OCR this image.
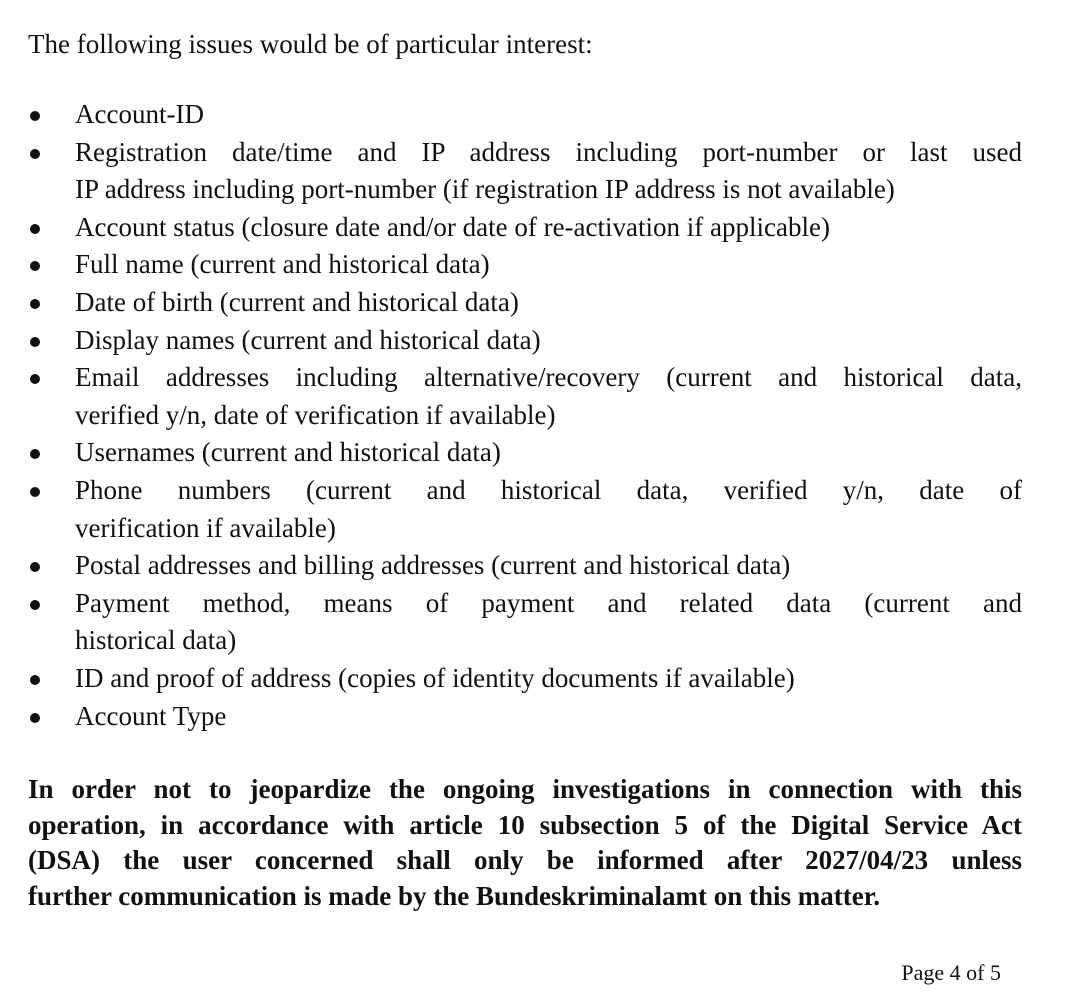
The following issues would be of particular interest:
Account-ID
Registration date/time and IP address including port-number or last used
IP address including port-number (if registration IP address is not available)
Account status (closure date and/or date of re-activation if applicable)
Full name (current and historical data)
Date of birth (current and historical data)
Display names (current and historical data)
Email addresses including alternative/recovery (current and historical data,
verified y/n, date of verification if available)
Usernames (current and historical data)
Phone numbers (current and historical data, verified y/n, date of
verification if available)
Postal addresses and billing addresses (current and historical data)
Payment method, means of payment and related data (current and
historical data)
ID and proof of address (copies of identity documents if available)
Account Type
In order not to jeopardize the ongoing investigations in connection with this
operation, in accordance with article 10 subsection 5 of the Digital Service Act
(DSA) the user concerned shall only be informed after 2027/04/23 unless
further communication is made by the Bundeskriminalamt on this matter.
Page 4 of 5
